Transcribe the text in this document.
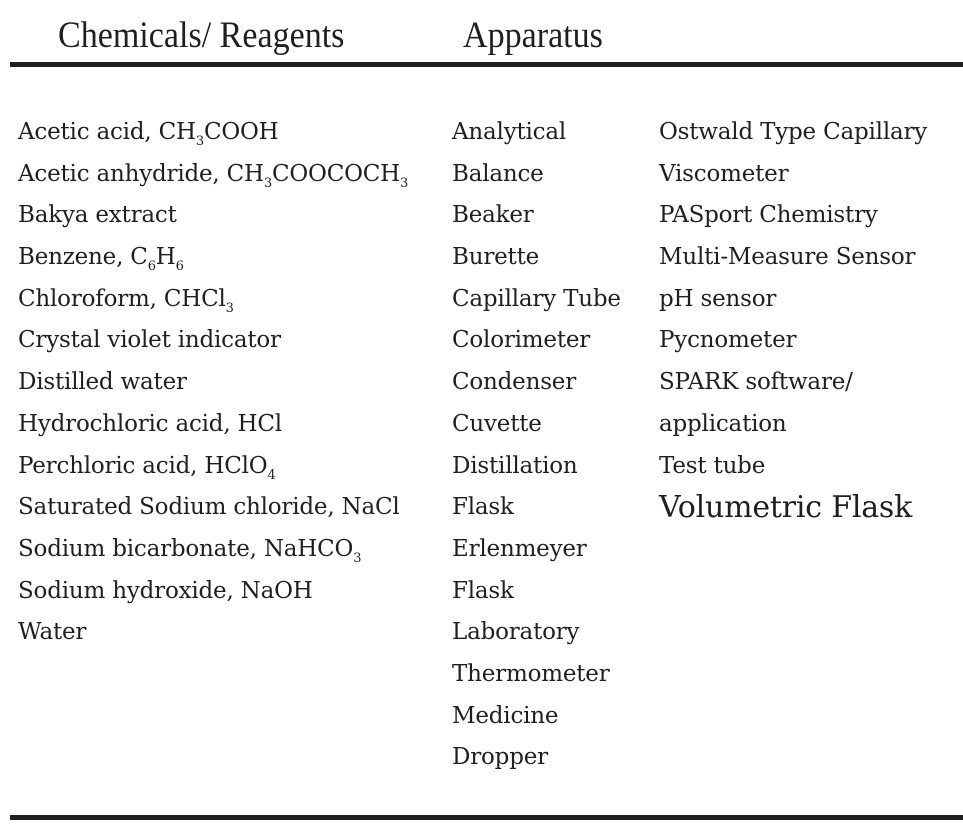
Chemicals/ Reagents	Apparatus
Acetic acid, $CH_3COOH$
Acetic anhydride, $CH_3COOCOCH_3$
Bakya extract
Benzene, $C_6H_6$
Chloroform, CHCl$_3$
Crystal violet indicator
Distilled water
Hydrochloric acid, HCl
Perchloric acid, HClO$_4$
Saturated Sodium chloride, NaCl
Sodium bicarbonate, NaHCO$_3$
Sodium hydroxide, NaOH
Water
Analytical
Balance
Beaker
Burette
Capillary Tube
Colorimeter
Condenser
Cuvette
Distillation
Flask
Erlenmeyer
Flask
Laboratory
Thermometer
Medicine
Dropper
Ostwald Type Capillary
Viscometer
PASport Chemistry
Multi-Measure Sensor
pH sensor
Pycnometer
SPARK software/
application
Test tube
Volumetric Flask
